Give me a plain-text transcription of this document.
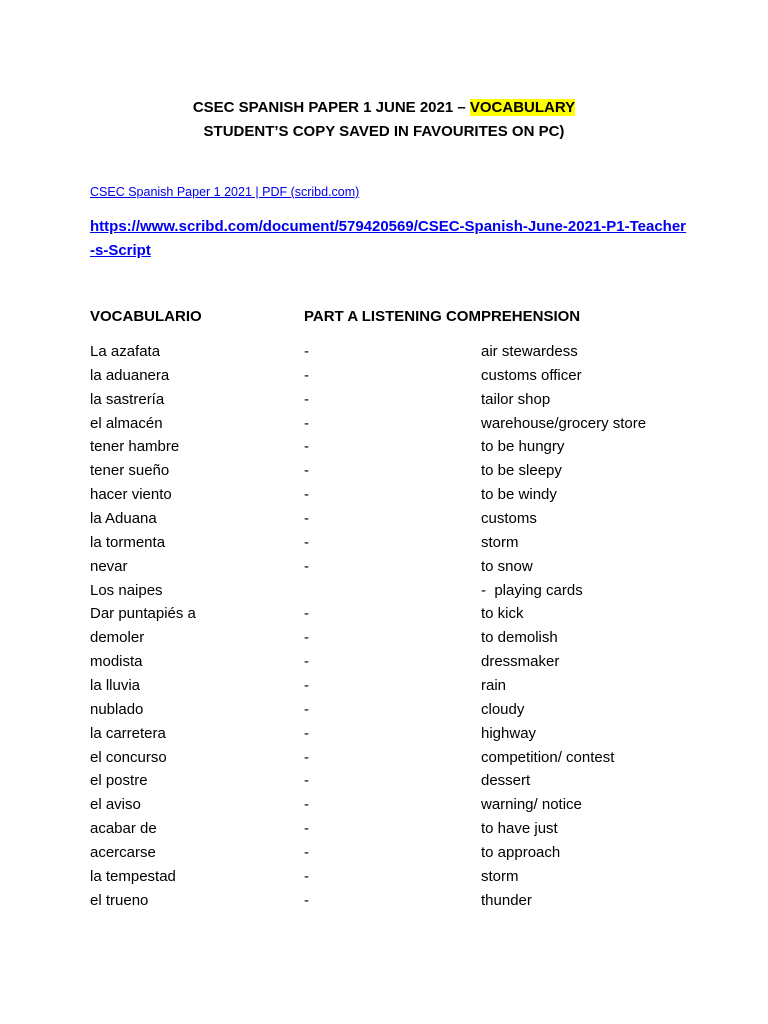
CSEC SPANISH PAPER 1 JUNE 2021 – VOCABULARY
STUDENT’S COPY SAVED IN FAVOURITES ON PC)
CSEC Spanish Paper 1 2021 | PDF (scribd.com)
https://www.scribd.com/document/579420569/CSEC-Spanish-June-2021-P1-Teacher-s-Script
VOCABULARIO	PART A LISTENING COMPREHENSION
La azafata	-	air stewardess
la aduanera	-	customs officer
la sastrería	-	tailor shop
el almacén	-	warehouse/grocery store
tener hambre	-	to be hungry
tener sueño	-	to be sleepy
hacer viento	-	to be windy
la Aduana	-	customs
la tormenta	-	storm
nevar	-	to snow
Los naipes	-  playing cards
Dar puntapiés a	-	to kick
demoler	-	to demolish
modista	-	dressmaker
la lluvia	-	rain
nublado	-	cloudy
la carretera	-	highway
el concurso	-	competition/ contest
el postre	-	dessert
el aviso	-	warning/ notice
acabar de	-	to have just
acercarse	-	to approach
la tempestad	-	storm
el trueno	-	thunder
